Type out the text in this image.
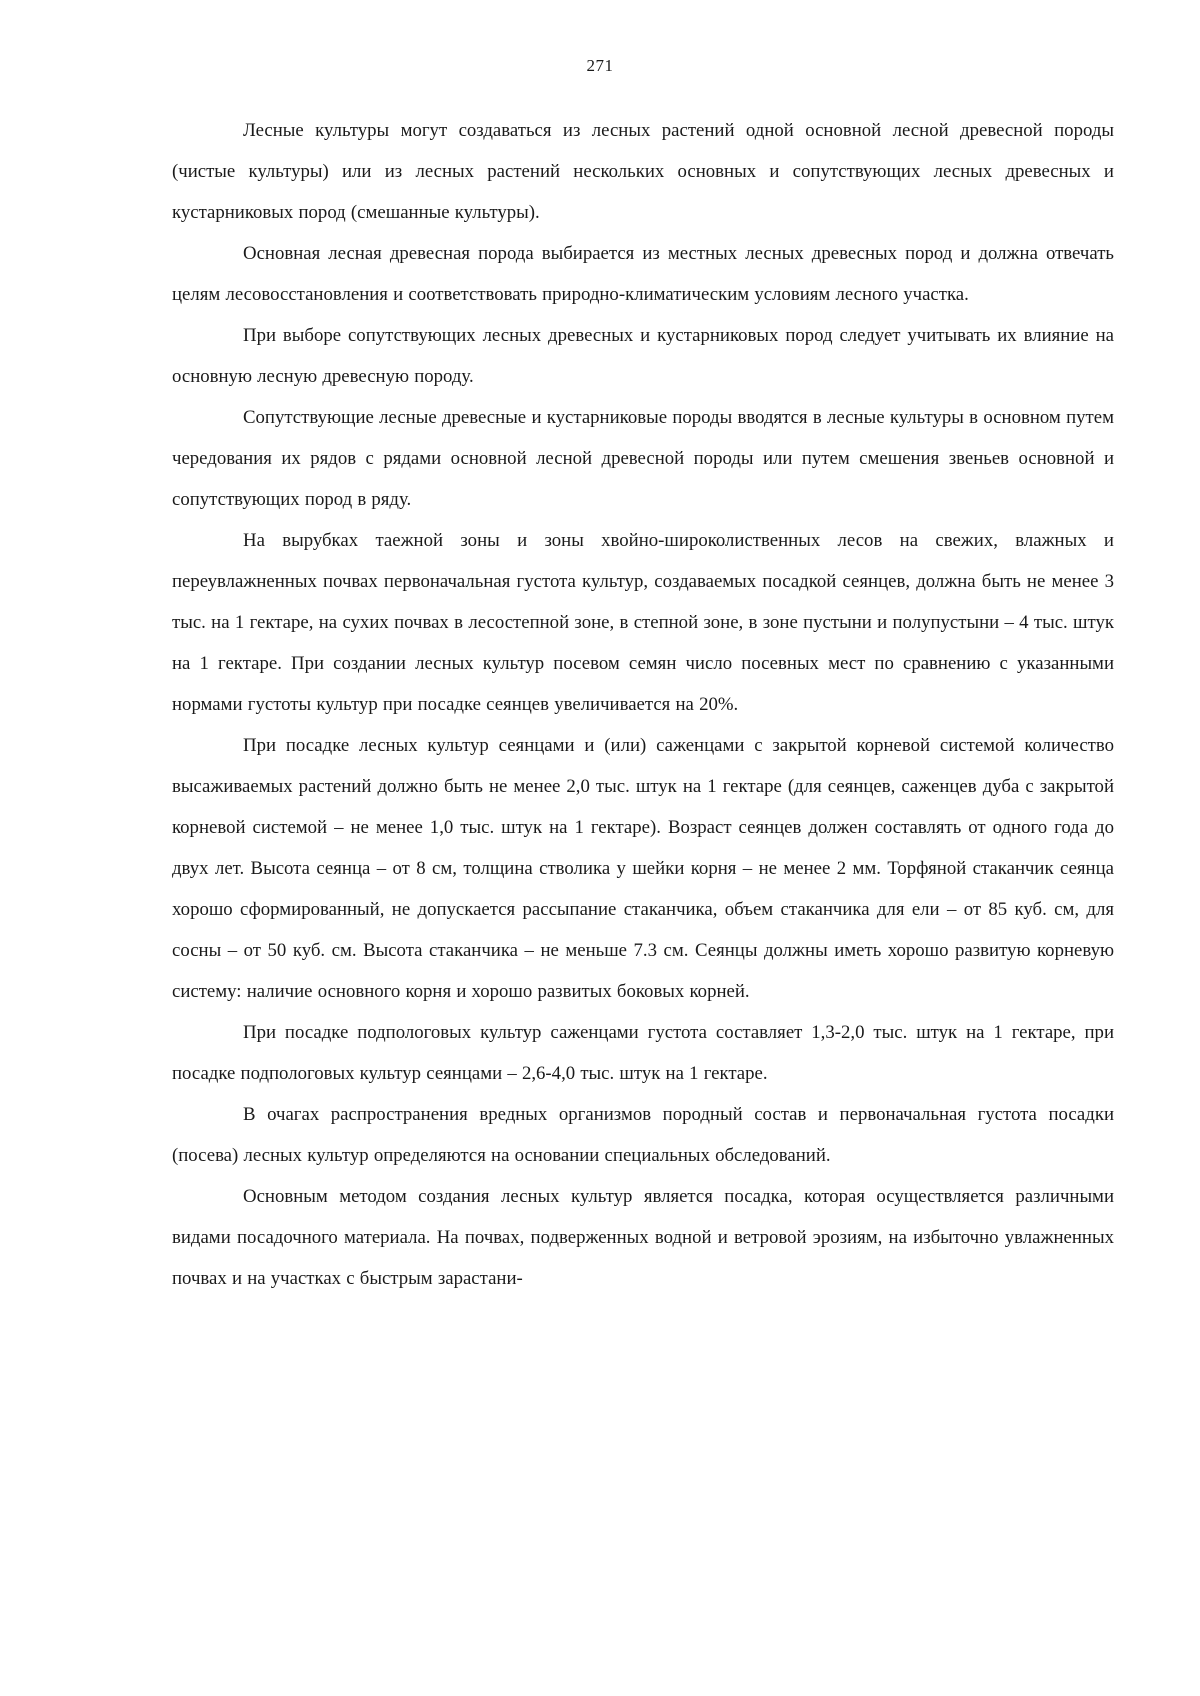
271

Лесные культуры могут создаваться из лесных растений одной основной лесной древесной породы (чистые культуры) или из лесных растений нескольких основных и сопутствующих лесных древесных и кустарниковых пород (смешанные культуры).

Основная лесная древесная порода выбирается из местных лесных древесных пород и должна отвечать целям лесовосстановления и соответствовать природно-климатическим условиям лесного участка.

При выборе сопутствующих лесных древесных и кустарниковых пород следует учитывать их влияние на основную лесную древесную породу.

Сопутствующие лесные древесные и кустарниковые породы вводятся в лесные культуры в основном путем чередования их рядов с рядами основной лесной древесной породы или путем смешения звеньев основной и сопутствующих пород в ряду.

На вырубках таежной зоны и зоны хвойно-широколиственных лесов на свежих, влажных и переувлажненных почвах первоначальная густота культур, создаваемых посадкой сеянцев, должна быть не менее 3 тыс. на 1 гектаре, на сухих почвах в лесостепной зоне, в степной зоне, в зоне пустыни и полупустыни – 4 тыс. штук на 1 гектаре. При создании лесных культур посевом семян число посевных мест по сравнению с указанными нормами густоты культур при посадке сеянцев увеличивается на 20%.

При посадке лесных культур сеянцами и (или) саженцами с закрытой корневой системой количество высаживаемых растений должно быть не менее 2,0 тыс. штук на 1 гектаре (для сеянцев, саженцев дуба с закрытой корневой системой – не менее 1,0 тыс. штук на 1 гектаре). Возраст сеянцев должен составлять от одного года до двух лет. Высота сеянца – от 8 см, толщина стволика у шейки корня – не менее 2 мм. Торфяной стаканчик сеянца хорошо сформированный, не допускается рассыпание стаканчика, объем стаканчика для ели – от 85 куб. см, для сосны – от 50 куб. см. Высота стаканчика – не меньше 7.3 см. Сеянцы должны иметь хорошо развитую корневую систему: наличие основного корня и хорошо развитых боковых корней.

При посадке подпологовых культур саженцами густота составляет 1,3-2,0 тыс. штук на 1 гектаре, при посадке подпологовых культур сеянцами – 2,6-4,0 тыс. штук на 1 гектаре.

В очагах распространения вредных организмов породный состав и первоначальная густота посадки (посева) лесных культур определяются на основании специальных обследований.

Основным методом создания лесных культур является посадка, которая осуществляется различными видами посадочного материала. На почвах, подверженных водной и ветровой эрозиям, на избыточно увлажненных почвах и на участках с быстрым зарастани-
